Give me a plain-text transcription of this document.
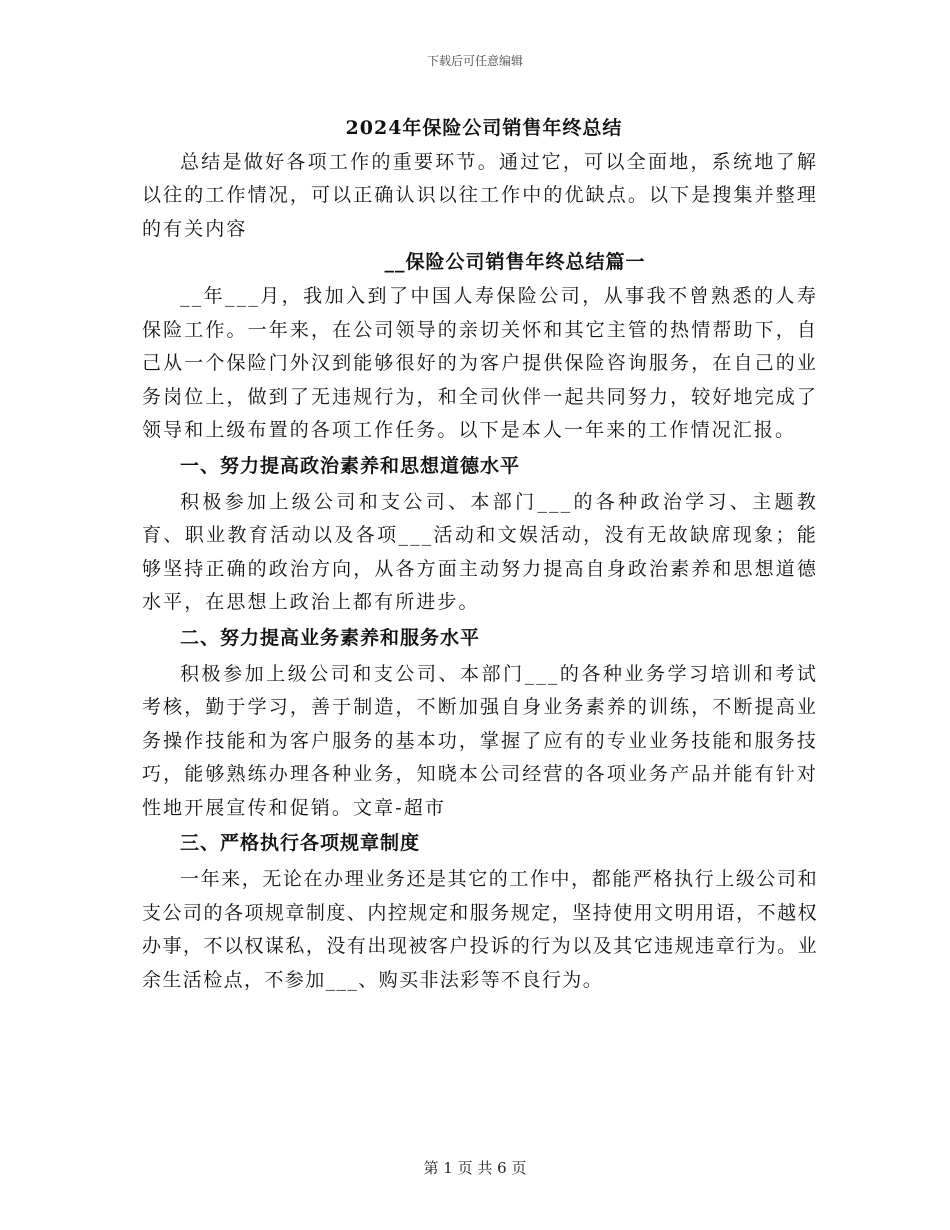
下载后可任意编辑

2024年保险公司销售年终总结

总结是做好各项工作的重要环节。通过它，可以全面地，系统地了解以往的工作情况，可以正确认识以往工作中的优缺点。以下是搜集并整理的有关内容

__保险公司销售年终总结篇一

__年___月，我加入到了中国人寿保险公司，从事我不曾熟悉的人寿保险工作。一年来，在公司领导的亲切关怀和其它主管的热情帮助下，自己从一个保险门外汉到能够很好的为客户提供保险咨询服务，在自己的业务岗位上，做到了无违规行为，和全司伙伴一起共同努力，较好地完成了领导和上级布置的各项工作任务。以下是本人一年来的工作情况汇报。

一、努力提高政治素养和思想道德水平

积极参加上级公司和支公司、本部门___的各种政治学习、主题教育、职业教育活动以及各项___活动和文娱活动，没有无故缺席现象；能够坚持正确的政治方向，从各方面主动努力提高自身政治素养和思想道德水平，在思想上政治上都有所进步。

二、努力提高业务素养和服务水平

积极参加上级公司和支公司、本部门___的各种业务学习培训和考试考核，勤于学习，善于制造，不断加强自身业务素养的训练，不断提高业务操作技能和为客户服务的基本功，掌握了应有的专业业务技能和服务技巧，能够熟练办理各种业务，知晓本公司经营的各项业务产品并能有针对性地开展宣传和促销。文章-超市

三、严格执行各项规章制度

一年来，无论在办理业务还是其它的工作中，都能严格执行上级公司和支公司的各项规章制度、内控规定和服务规定，坚持使用文明用语，不越权办事，不以权谋私，没有出现被客户投诉的行为以及其它违规违章行为。业余生活检点，不参加___、购买非法彩等不良行为。

第 1 页 共 6 页
